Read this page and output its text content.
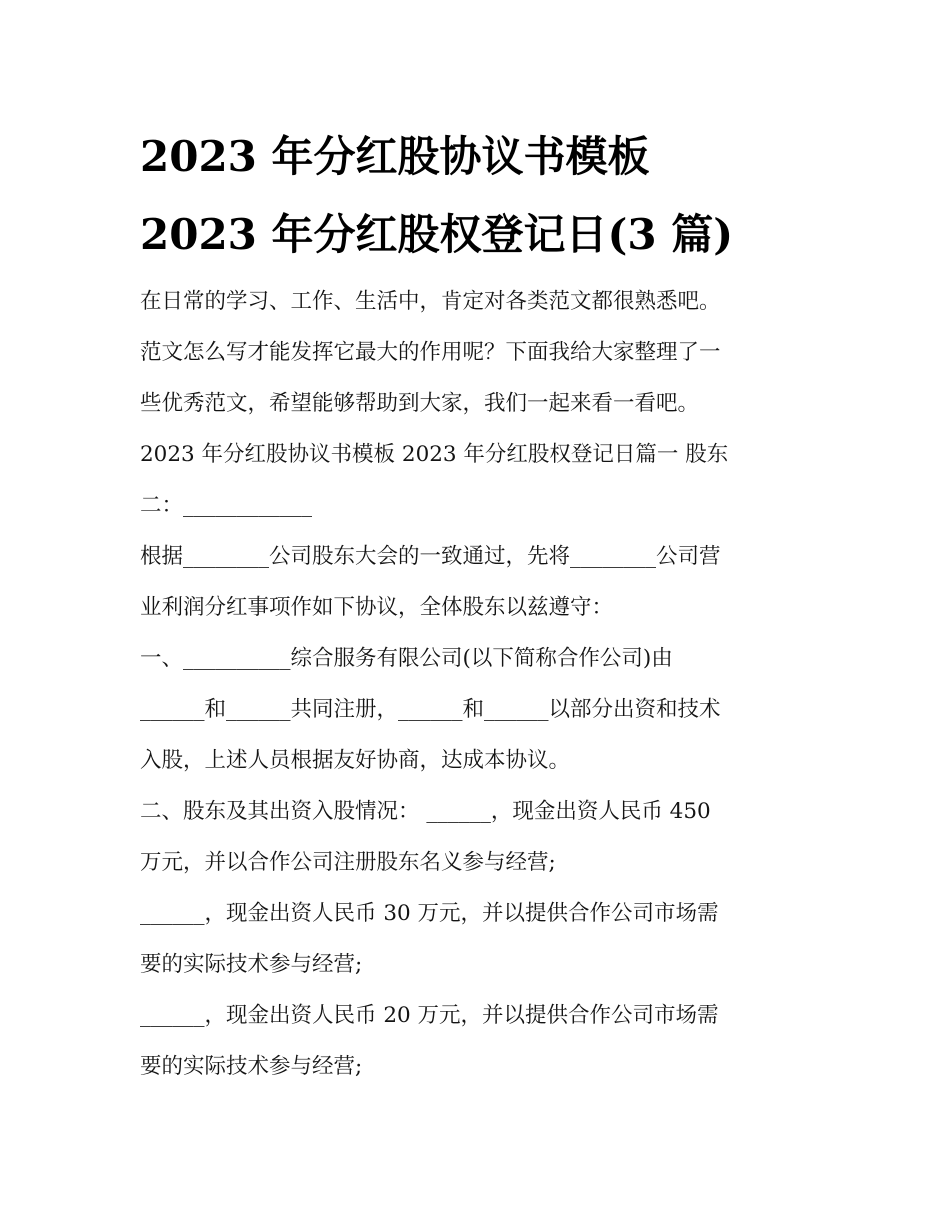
2023 年分红股协议书模板
2023 年分红股权登记日(3 篇)
在日常的学习、工作、生活中，肯定对各类范文都很熟悉吧。
范文怎么写才能发挥它最大的作用呢？下面我给大家整理了一
些优秀范文，希望能够帮助到大家，我们一起来看一看吧。
2023 年分红股协议书模板 2023 年分红股权登记日篇一 股东
二：____________
根据________公司股东大会的一致通过，先将________公司营
业利润分红事项作如下协议，全体股东以兹遵守：
一、__________综合服务有限公司(以下简称合作公司)由
______和______共同注册，______和______以部分出资和技术
入股，上述人员根据友好协商，达成本协议。
二、股东及其出资入股情况： ______，现金出资人民币 450
万元，并以合作公司注册股东名义参与经营;
______，现金出资人民币 30 万元，并以提供合作公司市场需
要的实际技术参与经营;
______，现金出资人民币 20 万元，并以提供合作公司市场需
要的实际技术参与经营;
